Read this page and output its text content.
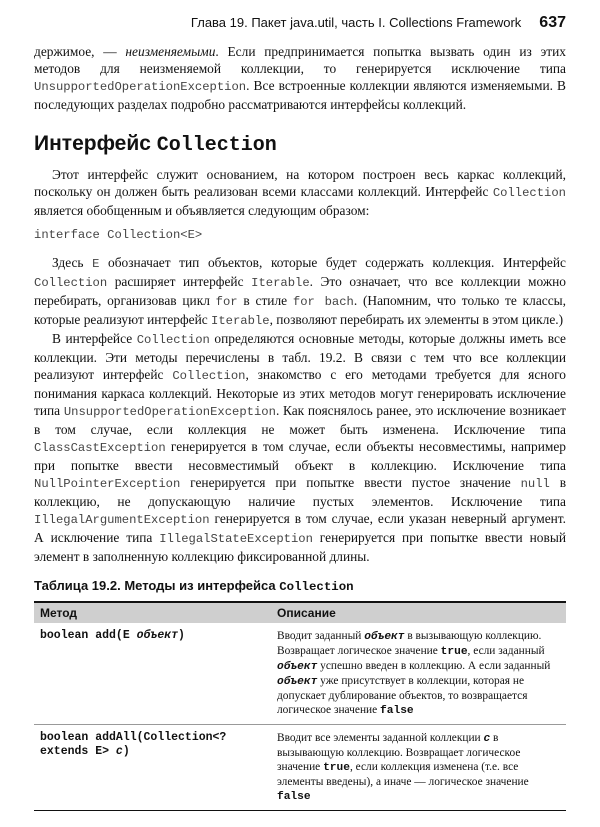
Глава 19. Пакет java.util, часть I. Collections Framework 637

держимое, — неизменяемыми. Если предпринимается попытка вызвать один из этих методов для неизменяемой коллекции, то генерируется исключение типа UnsupportedOperationException. Все встроенные коллекции являются изменяемыми. В последующих разделах подробно рассматриваются интерфейсы коллекций.

Интерфейс Collection

Этот интерфейс служит основанием, на котором построен весь каркас коллекций, поскольку он должен быть реализован всеми классами коллекций. Интерфейс Collection является обобщенным и объявляется следующим образом:

interface Collection<E>

Здесь E обозначает тип объектов, которые будет содержать коллекция. Интерфейс Collection расширяет интерфейс Iterable. Это означает, что все коллекции можно перебирать, организовав цикл for в стиле for bach. (Напомним, что только те классы, которые реализуют интерфейс Iterable, позволяют перебирать их элементы в этом цикле.)

В интерфейсе Collection определяются основные методы, которые должны иметь все коллекции. Эти методы перечислены в табл. 19.2. В связи с тем что все коллекции реализуют интерфейс Collection, знакомство с его методами требуется для ясного понимания каркаса коллекций. Некоторые из этих методов могут генерировать исключение типа UnsupportedOperationException. Как пояснялось ранее, это исключение возникает в том случае, если коллекция не может быть изменена. Исключение типа ClassCastException генерируется в том случае, если объекты несовместимы, например при попытке ввести несовместимый объект в коллекцию. Исключение типа NullPointerException генерируется при попытке ввести пустое значение null в коллекцию, не допускающую наличие пустых элементов. Исключение типа IllegalArgumentException генерируется в том случае, если указан неверный аргумент. А исключение типа IllegalStateException генерируется при попытке ввести новый элемент в заполненную коллекцию фиксированной длины.

Таблица 19.2. Методы из интерфейса Collection
Метод	Описание
boolean add(E объект)	Вводит заданный объект в вызывающую коллекцию. Возвращает логическое значение true, если заданный объект успешно введен в коллекцию. А если заданный объект уже присутствует в коллекции, которая не допускает дублирование объектов, то возвращается логическое значение false
boolean addAll(Collection<? extends E> c)	Вводит все элементы заданной коллекции c в вызывающую коллекцию. Возвращает логическое значение true, если коллекция изменена (т.е. все элементы введены), а иначе — логическое значение false
